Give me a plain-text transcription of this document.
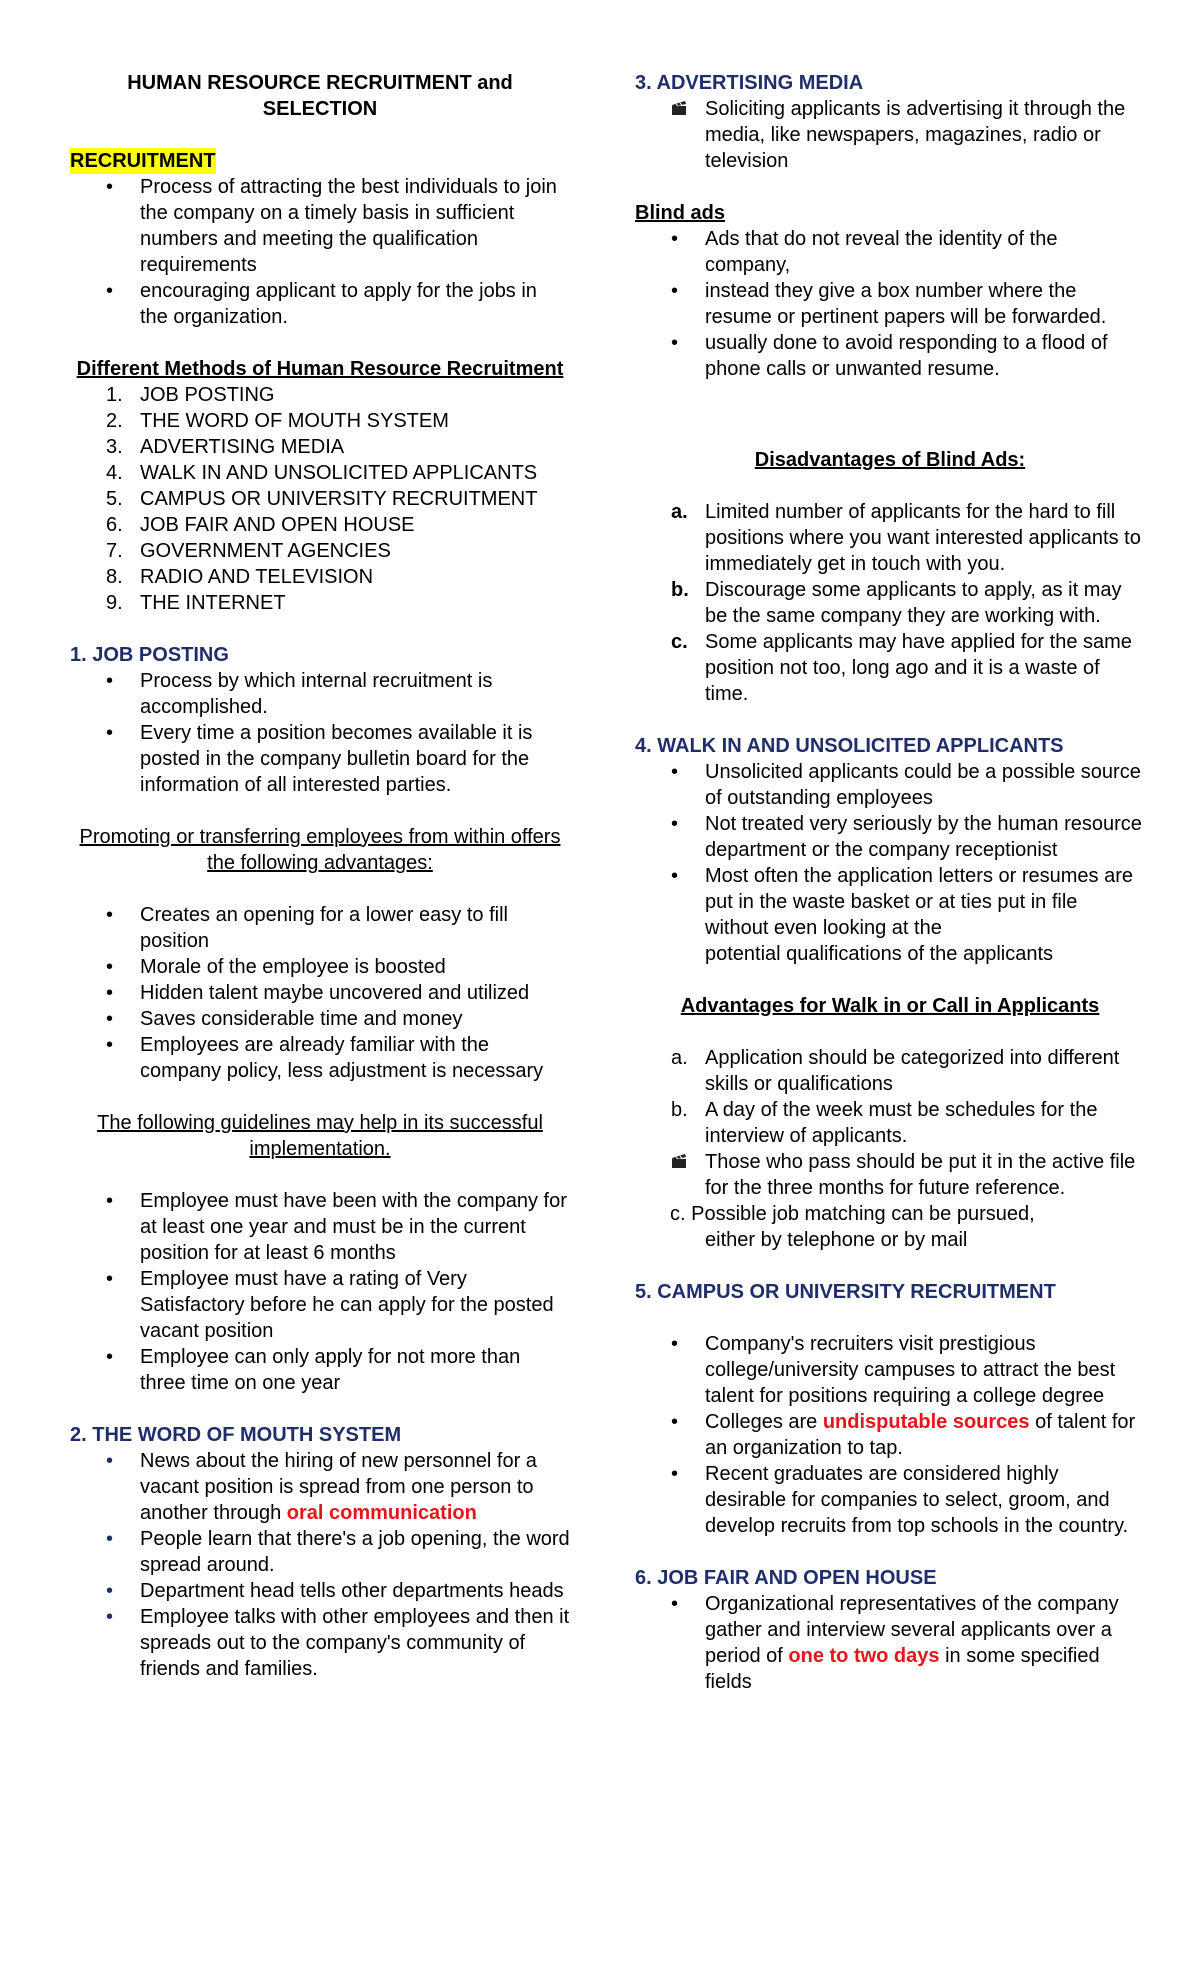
HUMAN RESOURCE RECRUITMENT and SELECTION

RECRUITMENT
• Process of attracting the best individuals to join the company on a timely basis in sufficient numbers and meeting the qualification requirements
• encouraging applicant to apply for the jobs in the organization.

Different Methods of Human Resource Recruitment

1. JOB POSTING
2. THE WORD OF MOUTH SYSTEM
3. ADVERTISING MEDIA
4. WALK IN AND UNSOLICITED APPLICANTS
5. CAMPUS OR UNIVERSITY RECRUITMENT
6. JOB FAIR AND OPEN HOUSE
7. GOVERNMENT AGENCIES
8. RADIO AND TELEVISION
9. THE INTERNET

1. JOB POSTING

• Process by which internal recruitment is accomplished.
• Every time a position becomes available it is posted in the company bulletin board for the information of all interested parties.

Promoting or transferring employees from within offers the following advantages:

• Creates an opening for a lower easy to fill position
• Morale of the employee is boosted
• Hidden talent maybe uncovered and utilized
• Saves considerable time and money
• Employees are already familiar with the company policy, less adjustment is necessary

The following guidelines may help in its successful implementation.

• Employee must have been with the company for at least one year and must be in the current position for at least 6 months
• Employee must have a rating of Very Satisfactory before he can apply for the posted vacant position
• Employee can only apply for not more than three time on one year

2. THE WORD OF MOUTH SYSTEM

• News about the hiring of new personnel for a vacant position is spread from one person to another through oral communication
• People learn that there's a job opening, the word spread around.
• Department head tells other departments heads
• Employee talks with other employees and then it spreads out to the company's community of friends and families.

3. ADVERTISING MEDIA

Soliciting applicants is advertising it through the media, like newspapers, magazines, radio or television

Blind ads

• Ads that do not reveal the identity of the company,
• instead they give a box number where the resume or pertinent papers will be forwarded.
• usually done to avoid responding to a flood of phone calls or unwanted resume.

Disadvantages of Blind Ads:

a. Limited number of applicants for the hard to fill positions where you want interested applicants to immediately get in touch with you.
b. Discourage some applicants to apply, as it may be the same company they are working with.
c. Some applicants may have applied for the same position not too, long ago and it is a waste of time.

4. WALK IN AND UNSOLICITED APPLICANTS

• Unsolicited applicants could be a possible source of outstanding employees
• Not treated very seriously by the human resource department or the company receptionist
• Most often the application letters or resumes are put in the waste basket or at ties put in file without even looking at the
potential qualifications of the applicants

Advantages for Walk in or Call in Applicants

a. Application should be categorized into different skills or qualifications
b. A day of the week must be schedules for the interview of applicants.
Those who pass should be put it in the active file for the three months for future reference.
c. Possible job matching can be pursued,
either by telephone or by mail

5. CAMPUS OR UNIVERSITY RECRUITMENT

• Company's recruiters visit prestigious college/university campuses to attract the best talent for positions requiring a college degree
• Colleges are undisputable sources of talent for an organization to tap.
• Recent graduates are considered highly desirable for companies to select, groom, and develop recruits from top schools in the country.

6. JOB FAIR AND OPEN HOUSE

• Organizational representatives of the company gather and interview several applicants over a period of one to two days in some specified fields
